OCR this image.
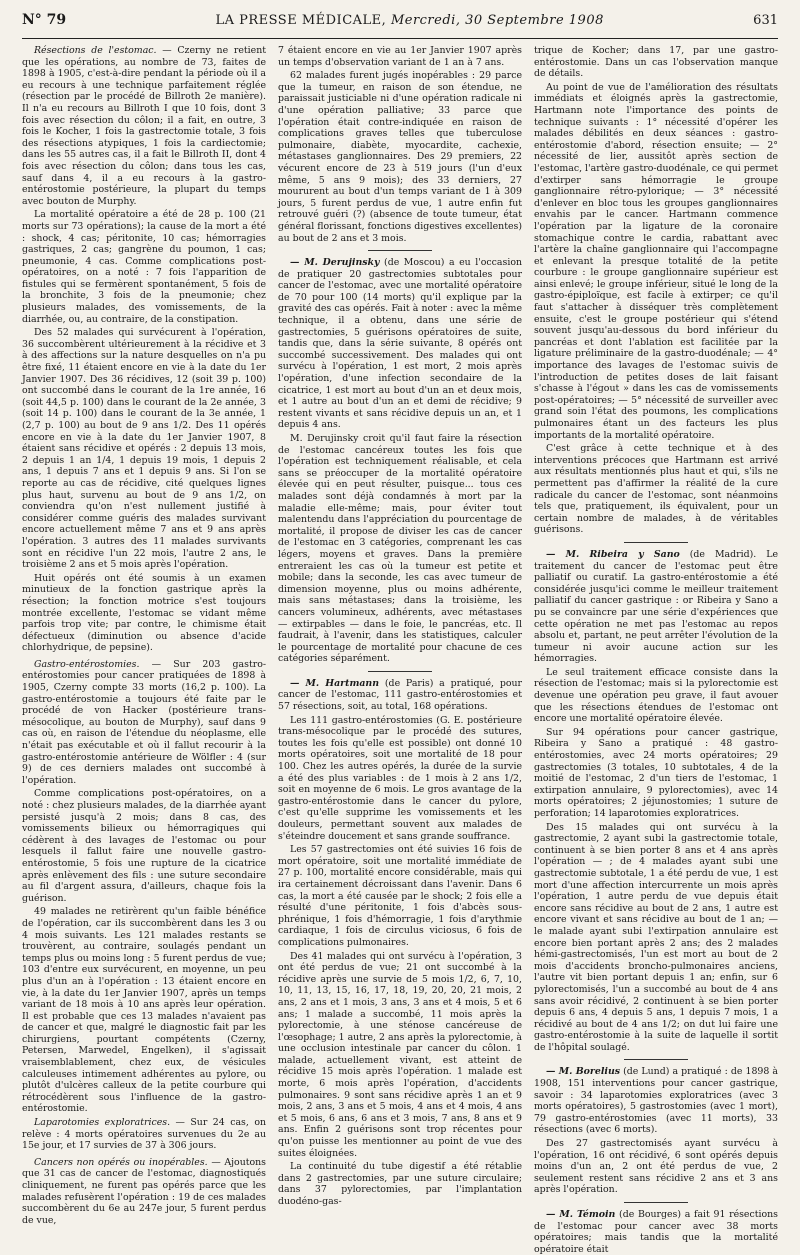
N° 79	LA PRESSE MÉDICALE, Mercredi, 30 Septembre 1908	631

Résections de l'estomac. — Czerny ne retient que les opérations, au nombre de 73, faites de 1898 à 1905, c'est-à-dire pendant la période où il a eu recours à une technique parfaitement réglée (résection par le procédé de Billroth 2e manière). Il n'a eu recours au Billroth I que 10 fois, dont 3 fois avec résection du côlon; il a fait, en outre, 3 fois le Kocher, 1 fois la gastrectomie totale, 3 fois des résections atypiques, 1 fois la cardiectomie; dans les 55 autres cas, il a fait le Billroth II, dont 4 fois avec résection du côlon; dans tous les cas, sauf dans 4, il a eu recours à la gastro-entérostomie postérieure, la plupart du temps avec bouton de Murphy.

La mortalité opératoire a été de 28 p. 100 (21 morts sur 73 opérations); la cause de la mort a été : shock, 4 cas; péritonite, 10 cas; hémorragies gastriques, 2 cas; gangrène du poumon, 1 cas; pneumonie, 4 cas. Comme complications post-opératoires, on a noté : 7 fois l'apparition de fistules qui se fermèrent spontanément, 5 fois de la bronchite, 3 fois de la pneumonie; chez plusieurs malades, des vomissements, de la diarrhée, ou, au contraire, de la constipation.

Des 52 malades qui survécurent à l'opération, 36 succombèrent ultérieurement à la récidive et 3 à des affections sur la nature desquelles on n'a pu être fixé, 11 étaient encore en vie à la date du 1er Janvier 1907. Des 36 récidives, 12 (soit 39 p. 100) ont succombé dans le courant de la 1re année, 16 (soit 44,5 p. 100) dans le courant de la 2e année, 3 (soit 14 p. 100) dans le courant de la 3e année, 1 (2,7 p. 100) au bout de 9 ans 1/2. Des 11 opérés encore en vie à la date du 1er Janvier 1907, 8 étaient sans récidive et opérés : 2 depuis 13 mois, 2 depuis 1 an 1/4, 1 depuis 19 mois, 1 depuis 2 ans, 1 depuis 7 ans et 1 depuis 9 ans. Si l'on se reporte au cas de récidive, cité quelques lignes plus haut, survenu au bout de 9 ans 1/2, on conviendra qu'on n'est nullement justifié à considérer comme guéris des malades survivant encore actuellement même 7 ans et 9 ans après l'opération. 3 autres des 11 malades survivants sont en récidive l'un 22 mois, l'autre 2 ans, le troisième 2 ans et 5 mois après l'opération.

Huit opérés ont été soumis à un examen minutieux de la fonction gastrique après la résection; la fonction motrice s'est toujours montrée excellente, l'estomac se vidant même parfois trop vite; par contre, le chimisme était défectueux (diminution ou absence d'acide chlorhydrique, de pepsine).

Gastro-entérostomies. — Sur 203 gastro-entérostomies pour cancer pratiquées de 1898 à 1905, Czerny compte 33 morts (16,2 p. 100). La gastro-entérostomie a toujours été faite par le procédé de von Hacker (postérieure trans-mésocolique, au bouton de Murphy), sauf dans 9 cas où, en raison de l'étendue du néoplasme, elle n'était pas exécutable et où il fallut recourir à la gastro-entérostomie antérieure de Wölfler : 4 (sur 9) de ces derniers malades ont succombé à l'opération.

Comme complications post-opératoires, on a noté : chez plusieurs malades, de la diarrhée ayant persisté jusqu'à 2 mois; dans 8 cas, des vomissements bilieux ou hémorragiques qui cédèrent à des lavages de l'estomac ou pour lesquels il fallut faire une nouvelle gastro-entérostomie, 5 fois une rupture de la cicatrice après enlèvement des fils : une suture secondaire au fil d'argent assura, d'ailleurs, chaque fois la guérison.

49 malades ne retirèrent qu'un faible bénéfice de l'opération, car ils succombèrent dans les 3 ou 4 mois suivants. Les 121 malades restants se trouvèrent, au contraire, soulagés pendant un temps plus ou moins long : 5 furent perdus de vue; 103 d'entre eux survécurent, en moyenne, un peu plus d'un an à l'opération : 13 étaient encore en vie, à la date du 1er Janvier 1907, après un temps variant de 18 mois à 10 ans après leur opération. Il est probable que ces 13 malades n'avaient pas de cancer et que, malgré le diagnostic fait par les chirurgiens, pourtant compétents (Czerny, Petersen, Marwedel, Engelken), il s'agissait vraisemblablement, chez eux, de vésicules calculeuses intimement adhérentes au pylore, ou plutôt d'ulcères calleux de la petite courbure qui rétrocédèrent sous l'influence de la gastro-entérostomie.

Laparotomies exploratrices. — Sur 24 cas, on relève : 4 morts opératoires survenues du 2e au 15e jour, et 17 survies de 37 à 306 jours.

Cancers non opérés ou inopérables. — Ajoutons que 31 cas de cancer de l'estomac, diagnostiqués cliniquement, ne furent pas opérés parce que les malades refusèrent l'opération : 19 de ces malades succombèrent du 6e au 247e jour, 5 furent perdus de vue,

7 étaient encore en vie au 1er Janvier 1907 après un temps d'observation variant de 1 an à 7 ans.

62 malades furent jugés inopérables : 29 parce que la tumeur, en raison de son étendue, ne paraissait justiciable ni d'une opération radicale ni d'une opération palliative; 33 parce que l'opération était contre-indiquée en raison de complications graves telles que tuberculose pulmonaire, diabète, myocardite, cachexie, métastases ganglionnaires. Des 29 premiers, 22 vécurent encore de 23 à 519 jours (l'un d'eux même, 5 ans 9 mois); des 33 derniers, 27 moururent au bout d'un temps variant de 1 à 309 jours, 5 furent perdus de vue, 1 autre enfin fut retrouvé guéri (?) (absence de toute tumeur, état général florissant, fonctions digestives excellentes) au bout de 2 ans et 3 mois.

— M. Derujinsky (de Moscou) a eu l'occasion de pratiquer 20 gastrectomies subtotales pour cancer de l'estomac, avec une mortalité opératoire de 70 pour 100 (14 morts) qu'il explique par la gravité des cas opérés. Fait à noter : avec la même technique, il a obtenu, dans une série de gastrectomies, 5 guérisons opératoires de suite, tandis que, dans la série suivante, 8 opérés ont succombé successivement. Des malades qui ont survécu à l'opération, 1 est mort, 2 mois après l'opération, d'une infection secondaire de la cicatrice, 1 est mort au bout d'un an et deux mois, et 1 autre au bout d'un an et demi de récidive; 9 restent vivants et sans récidive depuis un an, et 1 depuis 4 ans.

M. Derujinsky croit qu'il faut faire la résection de l'estomac cancéreux toutes les fois que l'opération est techniquement réalisable, et cela sans se préoccuper de la mortalité opératoire élevée qui en peut résulter, puisque... tous ces malades sont déjà condamnés à mort par la maladie elle-même; mais, pour éviter tout malentendu dans l'appréciation du pourcentage de mortalité, il propose de diviser les cas de cancer de l'estomac en 3 catégories, comprenant les cas légers, moyens et graves. Dans la première entreraient les cas où la tumeur est petite et mobile; dans la seconde, les cas avec tumeur de dimension moyenne, plus ou moins adhérente, mais sans métastases; dans la troisième, les cancers volumineux, adhérents, avec métastases — extirpables — dans le foie, le pancréas, etc. Il faudrait, à l'avenir, dans les statistiques, calculer le pourcentage de mortalité pour chacune de ces catégories séparément.

— M. Hartmann (de Paris) a pratiqué, pour cancer de l'estomac, 111 gastro-entérostomies et 57 résections, soit, au total, 168 opérations.

Les 111 gastro-entérostomies (G. E. postérieure trans-mésocolique par le procédé des sutures, toutes les fois qu'elle est possible) ont donné 10 morts opératoires, soit une mortalité de 18 pour 100. Chez les autres opérés, la durée de la survie a été des plus variables : de 1 mois à 2 ans 1/2, soit en moyenne de 6 mois. Le gros avantage de la gastro-entérostomie dans le cancer du pylore, c'est qu'elle supprime les vomissements et les douleurs, permettant souvent aux malades de s'éteindre doucement et sans grande souffrance.

Les 57 gastrectomies ont été suivies 16 fois de mort opératoire, soit une mortalité immédiate de 27 p. 100, mortalité encore considérable, mais qui ira certainement décroissant dans l'avenir. Dans 6 cas, la mort a été causée par le shock; 2 fois elle a résulté d'une péritonite, 1 fois d'abcès sous-phrénique, 1 fois d'hémorragie, 1 fois d'arythmie cardiaque, 1 fois de circulus viciosus, 6 fois de complications pulmonaires.

Des 41 malades qui ont survécu à l'opération, 3 ont été perdus de vue; 21 ont succombé à la récidive après une survie de 5 mois 1/2, 6, 7, 10, 10, 11, 13, 15, 16, 17, 18, 19, 20, 20, 21 mois, 2 ans, 2 ans et 1 mois, 3 ans, 3 ans et 4 mois, 5 et 6 ans; 1 malade a succombé, 11 mois après la pylorectomie, à une sténose cancéreuse de l'œsophage; 1 autre, 2 ans après la pylorectomie, à une occlusion intestinale par cancer du côlon. 1 malade, actuellement vivant, est atteint de récidive 15 mois après l'opération. 1 malade est morte, 6 mois après l'opération, d'accidents pulmonaires. 9 sont sans récidive après 1 an et 9 mois, 2 ans, 3 ans et 5 mois, 4 ans et 4 mois, 4 ans et 5 mois, 6 ans, 6 ans et 3 mois, 7 ans, 8 ans et 9 ans. Enfin 2 guérisons sont trop récentes pour qu'on puisse les mentionner au point de vue des suites éloignées.

La continuité du tube digestif a été rétablie dans 2 gastrectomies, par une suture circulaire; dans 37 pylorectomies, par l'implantation duodéno-gas-

trique de Kocher; dans 17, par une gastro-entérostomie. Dans un cas l'observation manque de détails.

Au point de vue de l'amélioration des résultats immédiats et éloignés après la gastrectomie, Hartmann note l'importance des points de technique suivants : 1° nécessité d'opérer les malades débilités en deux séances : gastro-entérostomie d'abord, résection ensuite; — 2° nécessité de lier, aussitôt après section de l'estomac, l'artère gastro-duodénale, ce qui permet d'extirper sans hémorragie le groupe ganglionnaire rétro-pylorique; — 3° nécessité d'enlever en bloc tous les groupes ganglionnaires envahis par le cancer. Hartmann commence l'opération par la ligature de la coronaire stomachique contre le cardia, rabattant avec l'artère la chaîne ganglionnaire qui l'accompagne et enlevant la presque totalité de la petite courbure : le groupe ganglionnaire supérieur est ainsi enlevé; le groupe inférieur, situé le long de la gastro-épiploïque, est facile à extirper; ce qu'il faut s'attacher à disséquer très complètement ensuite, c'est le groupe postérieur qui s'étend souvent jusqu'au-dessous du bord inférieur du pancréas et dont l'ablation est facilitée par la ligature préliminaire de la gastro-duodénale; — 4° importance des lavages de l'estomac suivis de l'introduction de petites doses de lait faisant s'chasse à l'égout » dans les cas de vomissements post-opératoires; — 5° nécessité de surveiller avec grand soin l'état des poumons, les complications pulmonaires étant un des facteurs les plus importants de la mortalité opératoire.

C'est grâce à cette technique et à des interventions précoces que Hartmann est arrivé aux résultats mentionnés plus haut et qui, s'ils ne permettent pas d'affirmer la réalité de la cure radicale du cancer de l'estomac, sont néanmoins tels que, pratiquement, ils équivalent, pour un certain nombre de malades, à de véritables guérisons.

— M. Ribeira y Sano (de Madrid). Le traitement du cancer de l'estomac peut être palliatif ou curatif. La gastro-entérostomie a été considérée jusqu'ici comme le meilleur traitement palliatif du cancer gastrique : or Ribeira y Sano a pu se convaincre par une série d'expériences que cette opération ne met pas l'estomac au repos absolu et, partant, ne peut arrêter l'évolution de la tumeur ni avoir aucune action sur les hémorragies.

Le seul traitement efficace consiste dans la résection de l'estomac; mais si la pylorectomie est devenue une opération peu grave, il faut avouer que les résections étendues de l'estomac ont encore une mortalité opératoire élevée.

Sur 94 opérations pour cancer gastrique, Ribeira y Sano a pratiqué : 48 gastro-entérostomies, avec 24 morts opératoires; 29 gastrectomies (3 totales, 10 subtotales, 4 de la moitié de l'estomac, 2 d'un tiers de l'estomac, 1 extirpation annulaire, 9 pylorectomies), avec 14 morts opératoires; 2 jéjunostomies; 1 suture de perforation; 14 laparotomies exploratrices.

Des 15 malades qui ont survécu à la gastrectomie, 2 ayant subi la gastrectomie totale, continuent à se bien porter 8 ans et 4 ans après l'opération — ; de 4 malades ayant subi une gastrectomie subtotale, 1 a été perdu de vue, 1 est mort d'une affection intercurrente un mois après l'opération, 1 autre perdu de vue depuis était encore sans récidive au bout de 2 ans, 1 autre est encore vivant et sans récidive au bout de 1 an; — le malade ayant subi l'extirpation annulaire est encore bien portant après 2 ans; des 2 malades hémi-gastrectomisés, l'un est mort au bout de 2 mois d'accidents broncho-pulmonaires anciens, l'autre vit bien portant depuis 1 an; enfin, sur 6 pylorectomisés, l'un a succombé au bout de 4 ans sans avoir récidivé, 2 continuent à se bien porter depuis 6 ans, 4 depuis 5 ans, 1 depuis 7 mois, 1 a récidivé au bout de 4 ans 1/2; on dut lui faire une gastro-entérostomie à la suite de laquelle il sortit de l'hôpital soulagé.

— M. Borelius (de Lund) a pratiqué : de 1898 à 1908, 151 interventions pour cancer gastrique, savoir : 34 laparotomies exploratrices (avec 3 morts opératoires), 5 gastrostomies (avec 1 mort), 79 gastro-entérostomies (avec 11 morts), 33 résections (avec 6 morts).

Des 27 gastrectomisés ayant survécu à l'opération, 16 ont récidivé, 6 sont opérés depuis moins d'un an, 2 ont été perdus de vue, 2 seulement restent sans récidive 2 ans et 3 ans après l'opération.

— M. Témoin (de Bourges) a fait 91 résections de l'estomac pour cancer avec 38 morts opératoires; mais tandis que la mortalité opératoire était
